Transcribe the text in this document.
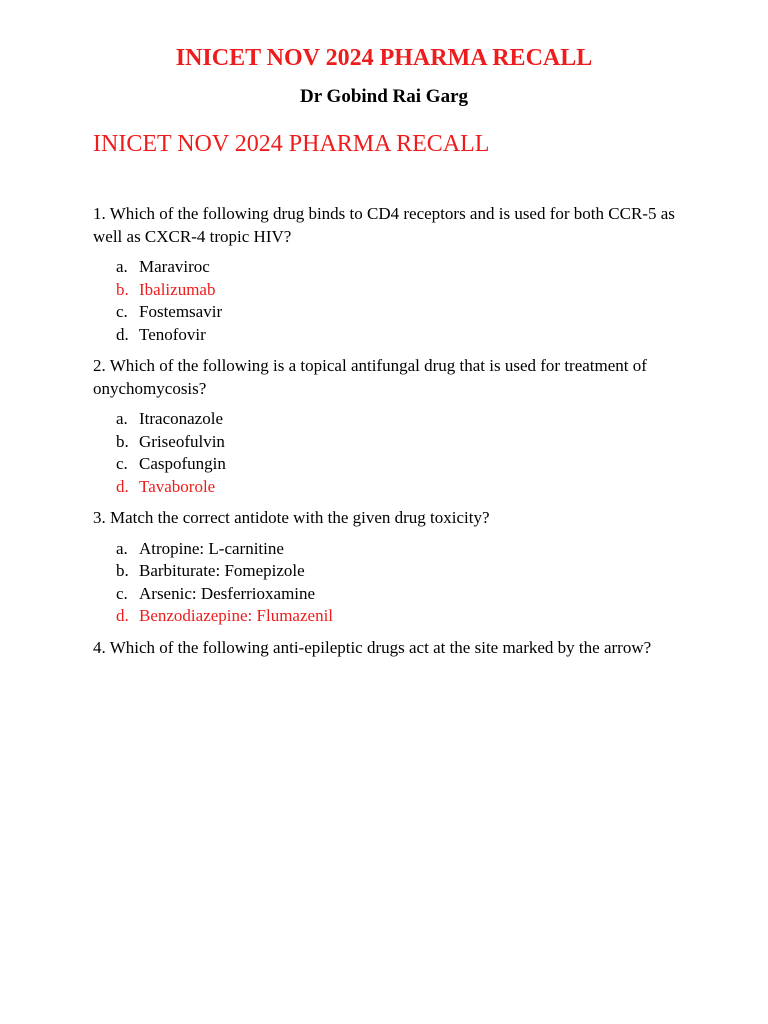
INICET NOV 2024 PHARMA RECALL
Dr Gobind Rai Garg
INICET NOV 2024 PHARMA RECALL

1. Which of the following drug binds to CD4 receptors and is used for both CCR-5 as well as CXCR-4 tropic HIV?

a. Maraviroc
b. Ibalizumab
c. Fostemsavir
d. Tenofovir

2. Which of the following is a topical antifungal drug that is used for treatment of onychomycosis?

a. Itraconazole
b. Griseofulvin
c. Caspofungin
d. Tavaborole

3. Match the correct antidote with the given drug toxicity?

a. Atropine: L-carnitine
b. Barbiturate: Fomepizole
c. Arsenic: Desferrioxamine
d. Benzodiazepine: Flumazenil

4. Which of the following anti-epileptic drugs act at the site marked by the arrow?
